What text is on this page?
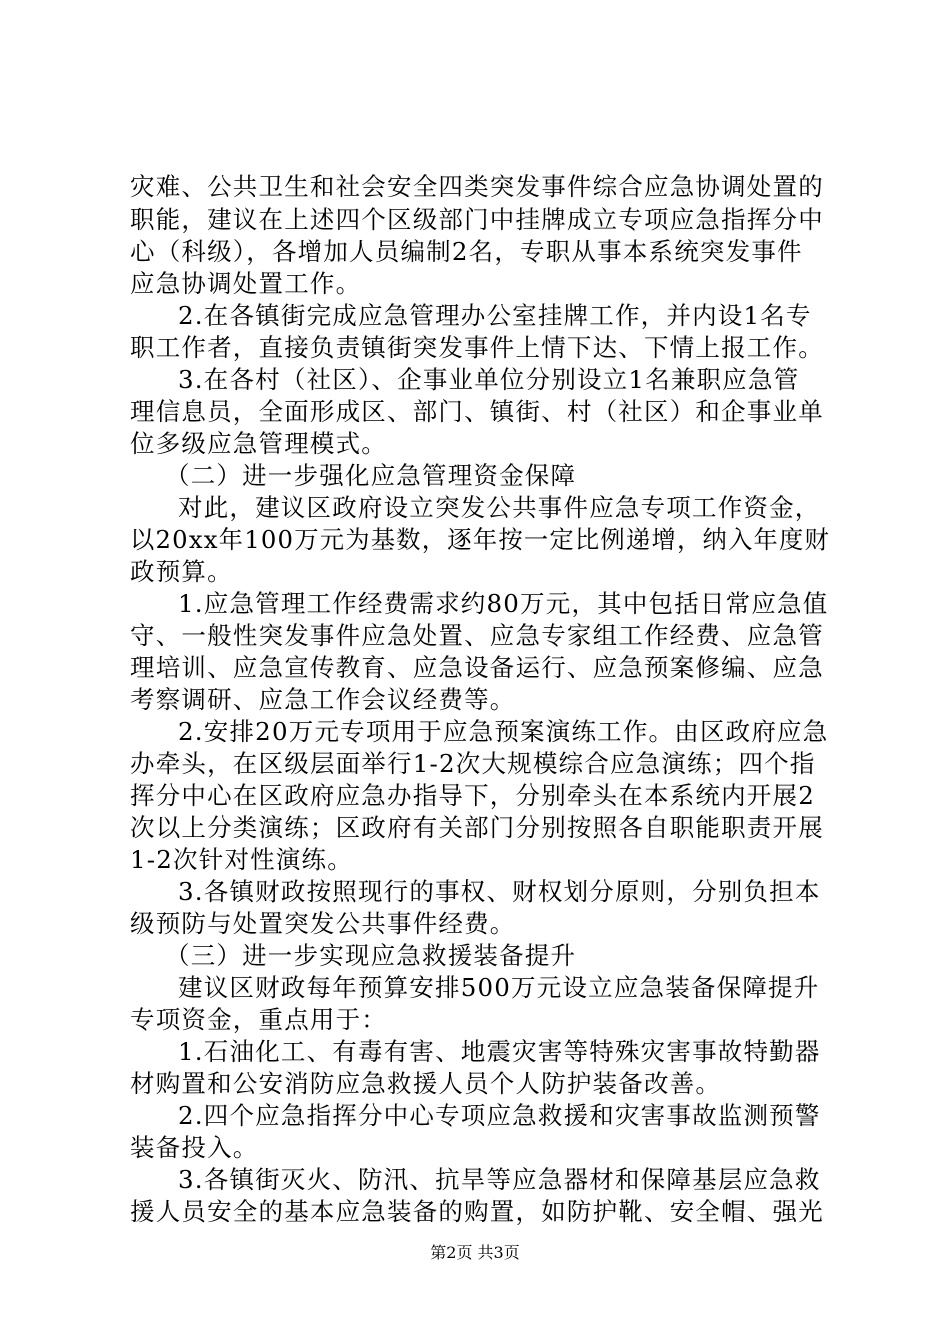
灾难、公共卫生和社会安全四类突发事件综合应急协调处置的
职能，建议在上述四个区级部门中挂牌成立专项应急指挥分中
心（科级），各增加人员编制2名，专职从事本系统突发事件
应急协调处置工作。
2.在各镇街完成应急管理办公室挂牌工作，并内设1名专
职工作者，直接负责镇街突发事件上情下达、下情上报工作。
3.在各村（社区）、企事业单位分别设立1名兼职应急管
理信息员，全面形成区、部门、镇街、村（社区）和企事业单
位多级应急管理模式。
（二）进一步强化应急管理资金保障
对此，建议区政府设立突发公共事件应急专项工作资金，
以20xx年100万元为基数，逐年按一定比例递增，纳入年度财
政预算。
1.应急管理工作经费需求约80万元，其中包括日常应急值
守、一般性突发事件应急处置、应急专家组工作经费、应急管
理培训、应急宣传教育、应急设备运行、应急预案修编、应急
考察调研、应急工作会议经费等。
2.安排20万元专项用于应急预案演练工作。由区政府应急
办牵头，在区级层面举行1-2次大规模综合应急演练；四个指
挥分中心在区政府应急办指导下，分别牵头在本系统内开展2
次以上分类演练；区政府有关部门分别按照各自职能职责开展
1-2次针对性演练。
3.各镇财政按照现行的事权、财权划分原则，分别负担本
级预防与处置突发公共事件经费。
（三）进一步实现应急救援装备提升
建议区财政每年预算安排500万元设立应急装备保障提升
专项资金，重点用于：
1.石油化工、有毒有害、地震灾害等特殊灾害事故特勤器
材购置和公安消防应急救援人员个人防护装备改善。
2.四个应急指挥分中心专项应急救援和灾害事故监测预警
装备投入。
3.各镇街灭火、防汛、抗旱等应急器材和保障基层应急救
援人员安全的基本应急装备的购置，如防护靴、安全帽、强光
第2页 共3页
